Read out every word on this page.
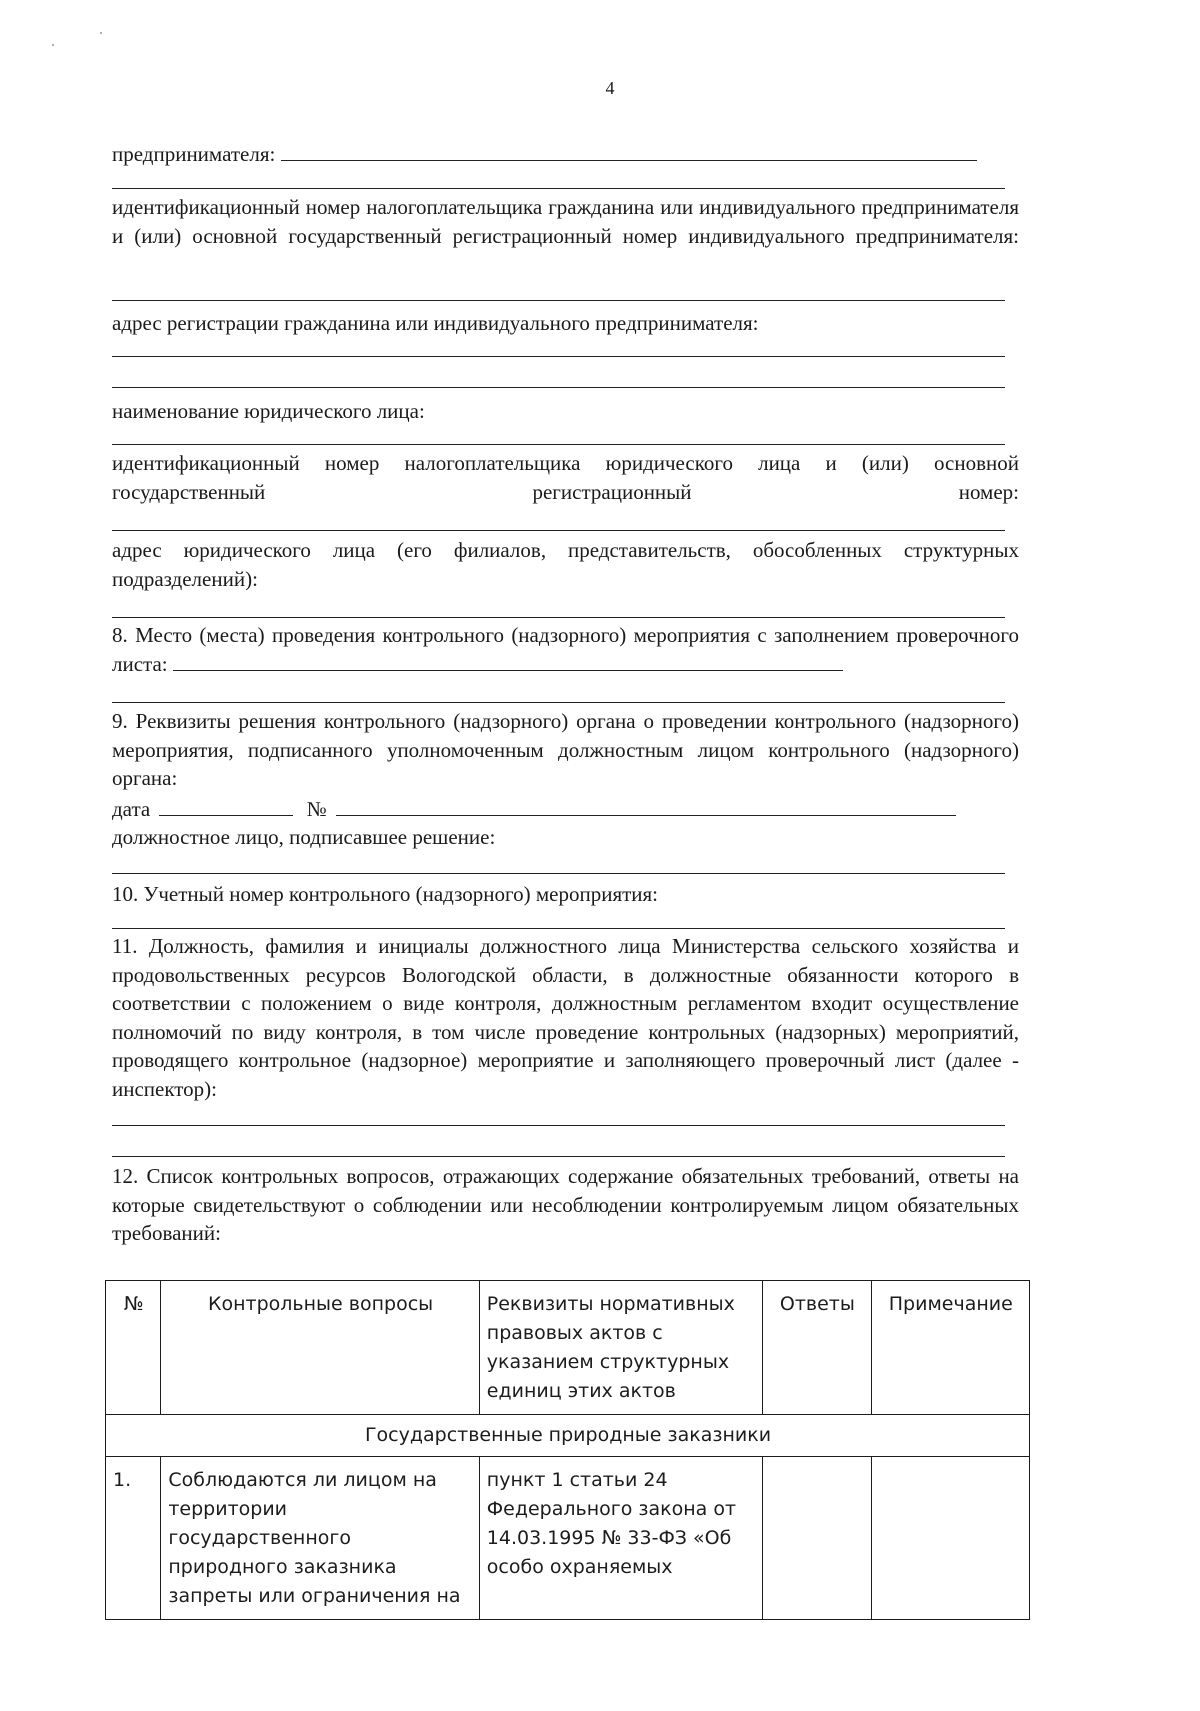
4
предпринимателя:
идентификационный номер налогоплательщика гражданина или индивидуального предпринимателя и (или) основной государственный регистрационный номер индивидуального предпринимателя:
адрес регистрации гражданина или индивидуального предпринимателя:
наименование юридического лица:
идентификационный номер налогоплательщика юридического лица и (или) основной государственный регистрационный номер:
адрес юридического лица (его филиалов, представительств, обособленных структурных подразделений):
8. Место (места) проведения контрольного (надзорного) мероприятия с заполнением проверочного листа:
9. Реквизиты решения контрольного (надзорного) органа о проведении контрольного (надзорного) мероприятия, подписанного уполномоченным должностным лицом контрольного (надзорного) органа:
дата	№
должностное лицо, подписавшее решение:
10. Учетный номер контрольного (надзорного) мероприятия:
11. Должность, фамилия и инициалы должностного лица Министерства сельского хозяйства и продовольственных ресурсов Вологодской области, в должностные обязанности которого в соответствии с положением о виде контроля, должностным регламентом входит осуществление полномочий по виду контроля, в том числе проведение контрольных (надзорных) мероприятий, проводящего контрольное (надзорное) мероприятие и заполняющего проверочный лист (далее - инспектор):
12. Список контрольных вопросов, отражающих содержание обязательных требований, ответы на которые свидетельствуют о соблюдении или несоблюдении контролируемым лицом обязательных требований:
№	Контрольные вопросы	Реквизиты нормативных правовых актов с указанием структурных единиц этих актов	Ответы	Примечание
Государственные природные заказники				
1.	Соблюдаются ли лицом на территории государственного природного заказника запреты или ограничения на	пункт 1 статьи 24 Федерального закона от 14.03.1995 № 33-ФЗ «Об особо охраняемых		
